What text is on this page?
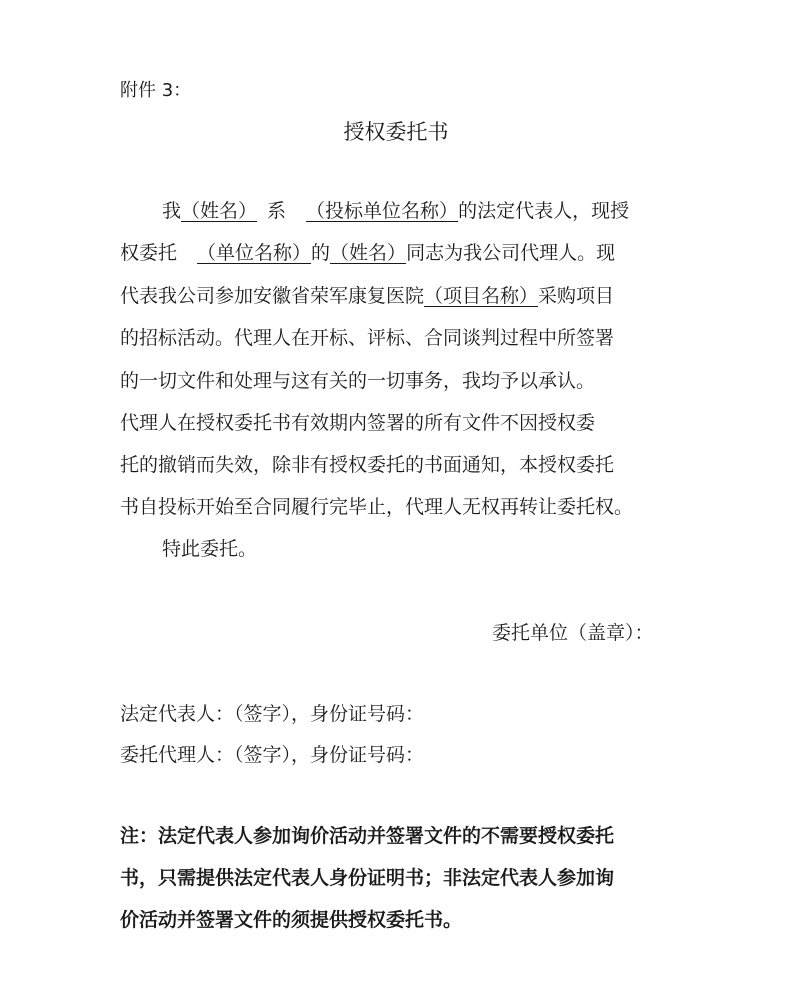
附件 3：
授权委托书
我（姓名） 系 （投标单位名称）的法定代表人，现授
权委托 （单位名称）的（姓名）同志为我公司代理人。现
代表我公司参加安徽省荣军康复医院（项目名称）采购项目
的招标活动。代理人在开标、评标、合同谈判过程中所签署
的一切文件和处理与这有关的一切事务，我均予以承认。
代理人在授权委托书有效期内签署的所有文件不因授权委
托的撤销而失效，除非有授权委托的书面通知，本授权委托
书自投标开始至合同履行完毕止，代理人无权再转让委托权。
特此委托。
委托单位（盖章）：
法定代表人：（签字），身份证号码：
委托代理人：（签字），身份证号码：
注：法定代表人参加询价活动并签署文件的不需要授权委托
书，只需提供法定代表人身份证明书；非法定代表人参加询
价活动并签署文件的须提供授权委托书。
